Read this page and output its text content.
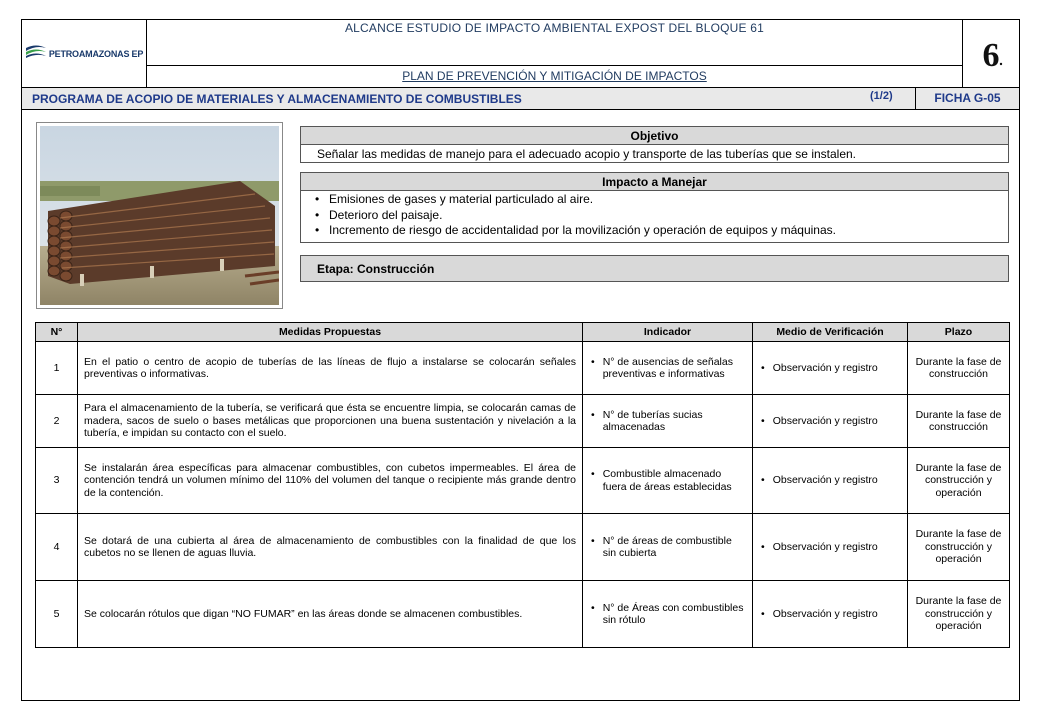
PETROAMAZONAS EP
ALCANCE ESTUDIO DE IMPACTO AMBIENTAL EXPOST DEL BLOQUE 61
PLAN DE PREVENCIÓN Y MITIGACIÓN DE IMPACTOS
6
PROGRAMA DE ACOPIO DE MATERIALES Y ALMACENAMIENTO DE COMBUSTIBLES	(1/2)	FICHA G-05
Objetivo
Señalar las medidas de manejo para el adecuado acopio y transporte de las tuberías que se instalen.
Impacto a Manejar
• Emisiones de gases y material particulado al aire.
• Deterioro del paisaje.
• Incremento de riesgo de accidentalidad por la movilización y operación de equipos y máquinas.
Etapa: Construcción
N°	Medidas Propuestas	Indicador	Medio de Verificación	Plazo
1	En el patio o centro de acopio de tuberías de las líneas de flujo a instalarse se colocarán señales preventivas o informativas.	• N° de ausencias de señalas preventivas e informativas	• Observación y registro	Durante la fase de construcción
2	Para el almacenamiento de la tubería, se verificará que ésta se encuentre limpia, se colocarán camas de madera, sacos de suelo o bases metálicas que proporcionen una buena sustentación y nivelación a la tubería, e impidan su contacto con el suelo.	• N° de tuberías sucias almacenadas	• Observación y registro	Durante la fase de construcción
3	Se instalarán área específicas para almacenar combustibles, con cubetos impermeables. El área de contención tendrá un volumen mínimo del 110% del volumen del tanque o recipiente más grande dentro de la contención.	• Combustible almacenado fuera de áreas establecidas	• Observación y registro	Durante la fase de construcción y operación
4	Se dotará de una cubierta al área de almacenamiento de combustibles con la finalidad de que los cubetos no se llenen de aguas lluvia.	• N° de áreas de combustible sin cubierta	• Observación y registro	Durante la fase de construcción y operación
5	Se colocarán rótulos que digan “NO FUMAR” en las áreas donde se almacenen combustibles.	• N° de Áreas con combustibles sin rótulo	• Observación y registro	Durante la fase de construcción y operación
